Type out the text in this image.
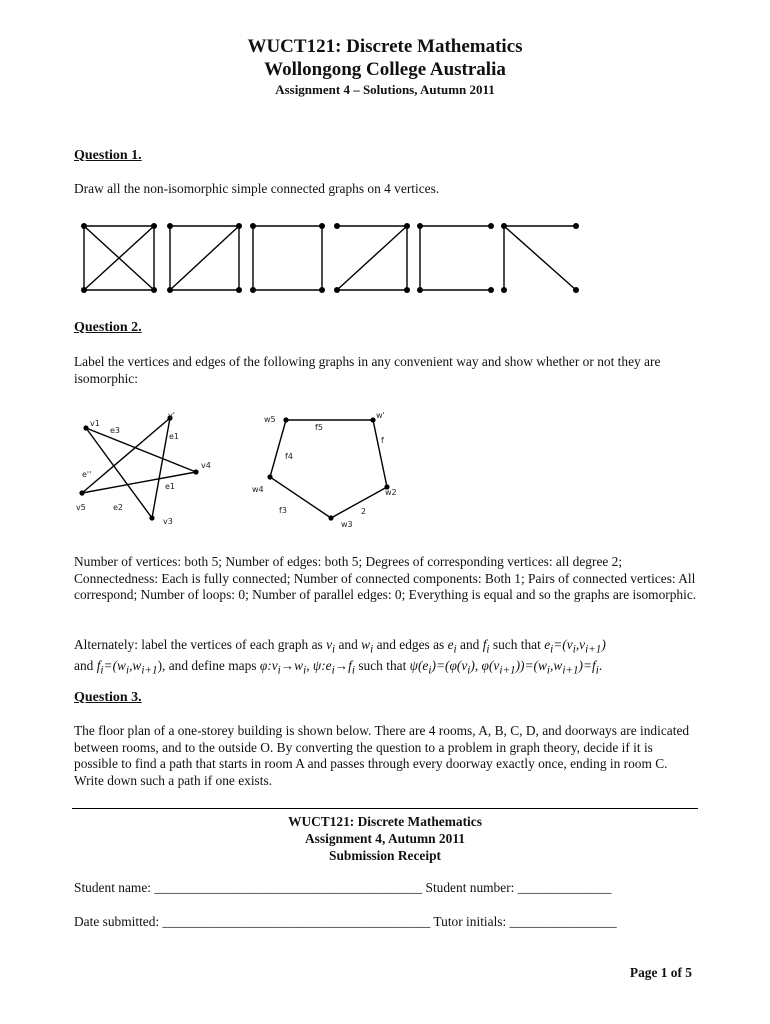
WUCT121: Discrete Mathematics
Wollongong College Australia
Assignment 4 – Solutions, Autumn 2011
Question 1.
Draw all the non-isomorphic simple connected graphs on 4 vertices.
Question 2.
Label the vertices and edges of the following graphs in any convenient way and show whether or not they are isomorphic:
v1
e3
v'
e1
v4
e''
e1
v5	e2
v3
w5
f5
w'
f
f4
w4	w2
f3	2
w3
Number of vertices: both 5; Number of edges: both 5; Degrees of corresponding vertices: all degree 2; Connectedness: Each is fully connected; Number of connected components: Both 1; Pairs of connected vertices: All correspond; Number of loops: 0; Number of parallel edges: 0; Everything is equal and so the graphs are isomorphic.
Alternately: label the vertices of each graph as $v_i$ and $w_i$ and edges as $e_i$ and $f_i$ such that $e_i=(v_i,v_{i+1})$
and $f_i=(w_i,w_{i+1})$, and define maps $\varphi:v_i\to w_i$, $\psi:e_i\to f_i$ such that $\psi(e_i)=(\varphi(v_i)$, $\varphi(v_{i+1}))=(w_i,w_{i+1})=f_i$.
Question 3.
The floor plan of a one-storey building is shown below. There are 4 rooms, A, B, C, D, and doorways are indicated between rooms, and to the outside O. By converting the question to a problem in graph theory, decide if it is possible to find a path that starts in room A and passes through every doorway exactly once, ending in room C. Write down such a path if one exists.
WUCT121: Discrete Mathematics
Assignment 4, Autumn 2011
Submission Receipt
Student name: ________________________________________ Student number: ______________
Date submitted: ________________________________________ Tutor initials: ________________
Page 1 of 5
